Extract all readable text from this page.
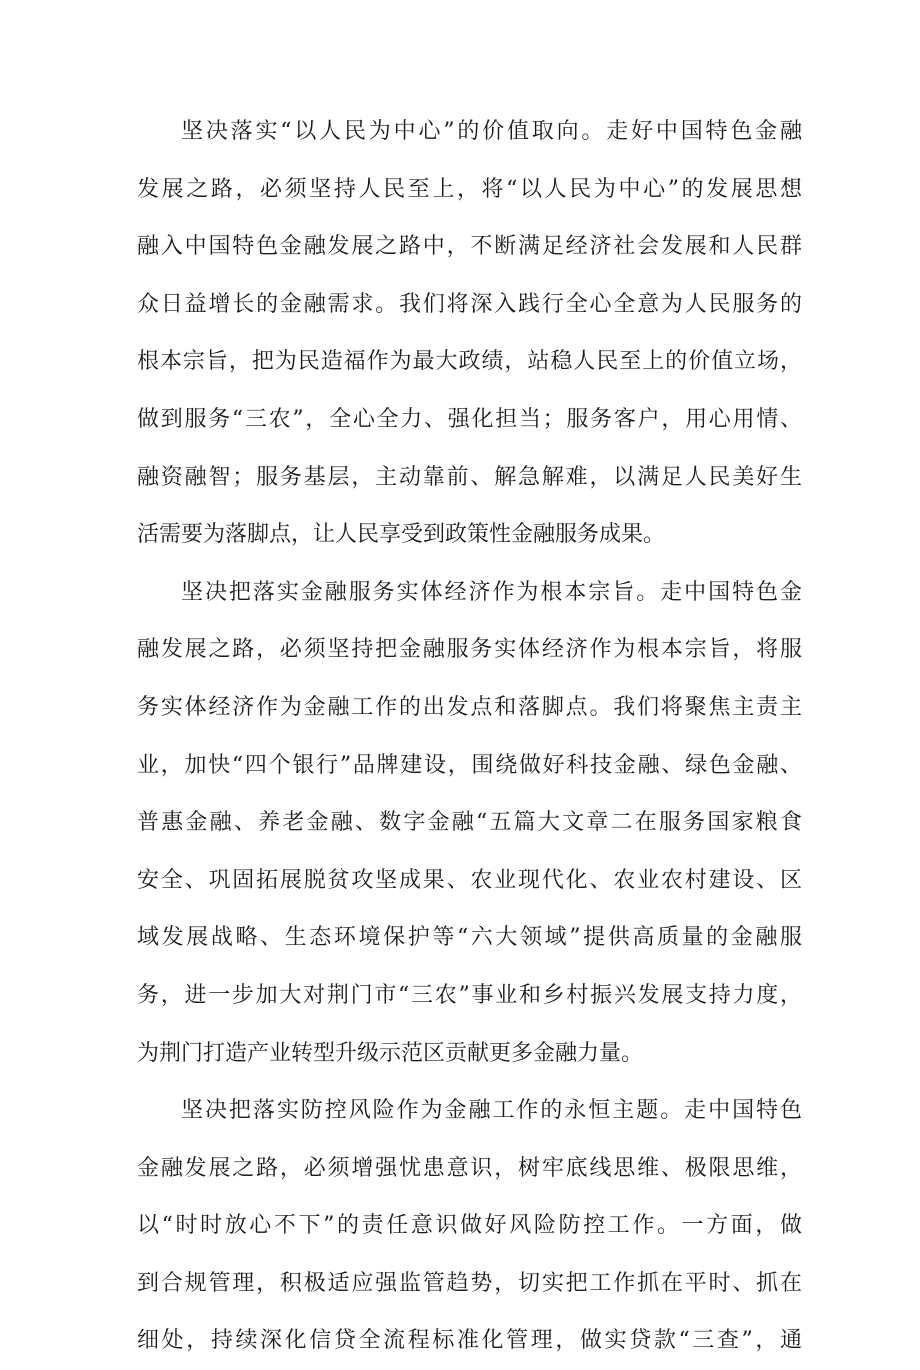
坚决落实“以人民为中心”的价值取向。走好中国特色金融
发展之路，必须坚持人民至上，将“以人民为中心”的发展思想
融入中国特色金融发展之路中，不断满足经济社会发展和人民群
众日益增长的金融需求。我们将深入践行全心全意为人民服务的
根本宗旨，把为民造福作为最大政绩，站稳人民至上的价值立场，
做到服务“三农”，全心全力、强化担当；服务客户，用心用情、
融资融智；服务基层，主动靠前、解急解难，以满足人民美好生
活需要为落脚点，让人民享受到政策性金融服务成果。
坚决把落实金融服务实体经济作为根本宗旨。走中国特色金
融发展之路，必须坚持把金融服务实体经济作为根本宗旨，将服
务实体经济作为金融工作的出发点和落脚点。我们将聚焦主责主
业，加快“四个银行”品牌建设，围绕做好科技金融、绿色金融、
普惠金融、养老金融、数字金融“五篇大文章二在服务国家粮食
安全、巩固拓展脱贫攻坚成果、农业现代化、农业农村建设、区
域发展战略、生态环境保护等“六大领域”提供高质量的金融服
务，进一步加大对荆门市“三农”事业和乡村振兴发展支持力度，
为荆门打造产业转型升级示范区贡献更多金融力量。
坚决把落实防控风险作为金融工作的永恒主题。走中国特色
金融发展之路，必须增强忧患意识，树牢底线思维、极限思维，
以“时时放心不下”的责任意识做好风险防控工作。一方面，做
到合规管理，积极适应强监管趋势，切实把工作抓在平时、抓在
细处，持续深化信贷全流程标准化管理，做实贷款“三查”，通
